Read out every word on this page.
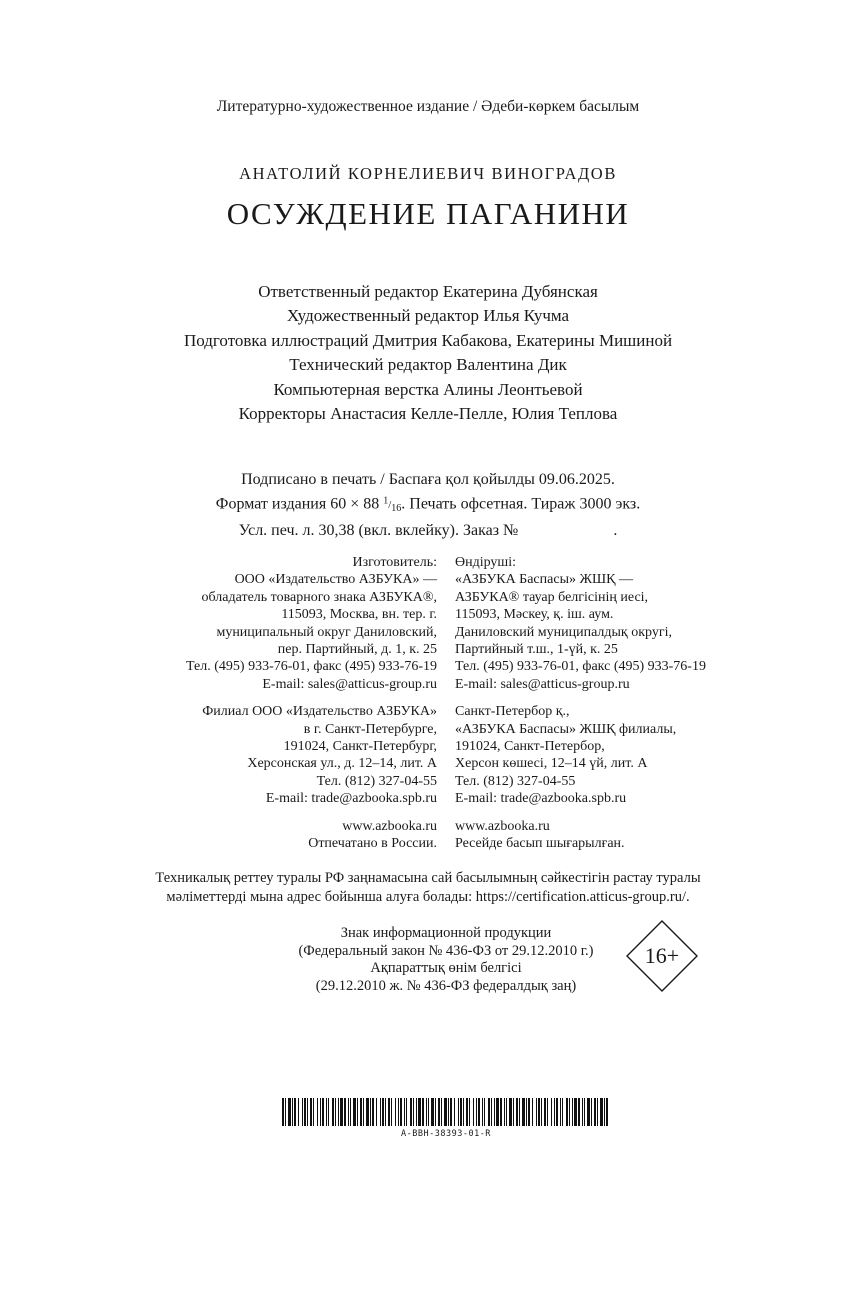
Литературно-художественное издание / Әдеби-көркем басылым
АНАТОЛИЙ КОРНЕЛИЕВИЧ ВИНОГРАДОВ
ОСУЖДЕНИЕ ПАГАНИНИ
Ответственный редактор Екатерина Дубянская
Художественный редактор Илья Кучма
Подготовка иллюстраций Дмитрия Кабакова, Екатерины Мишиной
Технический редактор Валентина Дик
Компьютерная верстка Алины Леонтьевой
Корректоры Анастасия Келле-Пелле, Юлия Теплова
Подписано в печать / Баспаға қол қойылды 09.06.2025.
Формат издания 60 × 88 $^1/_{16}$. Печать офсетная. Тираж 3000 экз.
Усл. печ. л. 30,38 (вкл. вклейку). Заказ №	.
Изготовитель:
ООО «Издательство АЗБУКА» —
обладатель товарного знака АЗБУКА®,
115093, Москва, вн. тер. г.
муниципальный округ Даниловский,
пер. Партийный, д. 1, к. 25
Тел. (495) 933-76-01, факс (495) 933-76-19
E-mail: sales@atticus-group.ru
Филиал ООО «Издательство АЗБУКА»
в г. Санкт-Петербурге,
191024, Санкт-Петербург,
Херсонская ул., д. 12–14, лит. А
Тел. (812) 327-04-55
E-mail: trade@azbooka.spb.ru
www.azbooka.ru
Отпечатано в России.
Өндіруші:
«АЗБУКА Баспасы» ЖШҚ —
АЗБУКА® тауар белгісінің иесі,
115093, Мәскеу, қ. іш. аум.
Даниловский муниципалдық округі,
Партийный т.ш., 1-үй, к. 25
Тел. (495) 933-76-01, факс (495) 933-76-19
E-mail: sales@atticus-group.ru
Санкт-Петербор қ.,
«АЗБУКА Баспасы» ЖШҚ филиалы,
191024, Санкт-Петербор,
Херсон көшесі, 12–14 үй, лит. А
Тел. (812) 327-04-55
E-mail: trade@azbooka.spb.ru
www.azbooka.ru
Ресейде басып шығарылған.
Техникалық реттеу туралы РФ заңнамасына сай басылымның сәйкестігін растау туралы
мәліметтерді мына адрес бойынша алуға болады: https://certification.atticus-group.ru/.
Знак информационной продукции
(Федеральный закон № 436-ФЗ от 29.12.2010 г.)
Ақпараттық өнім белгісі
(29.12.2010 ж. № 436-ФЗ федералдық заң)
16+
A-BBH-38393-01-R
